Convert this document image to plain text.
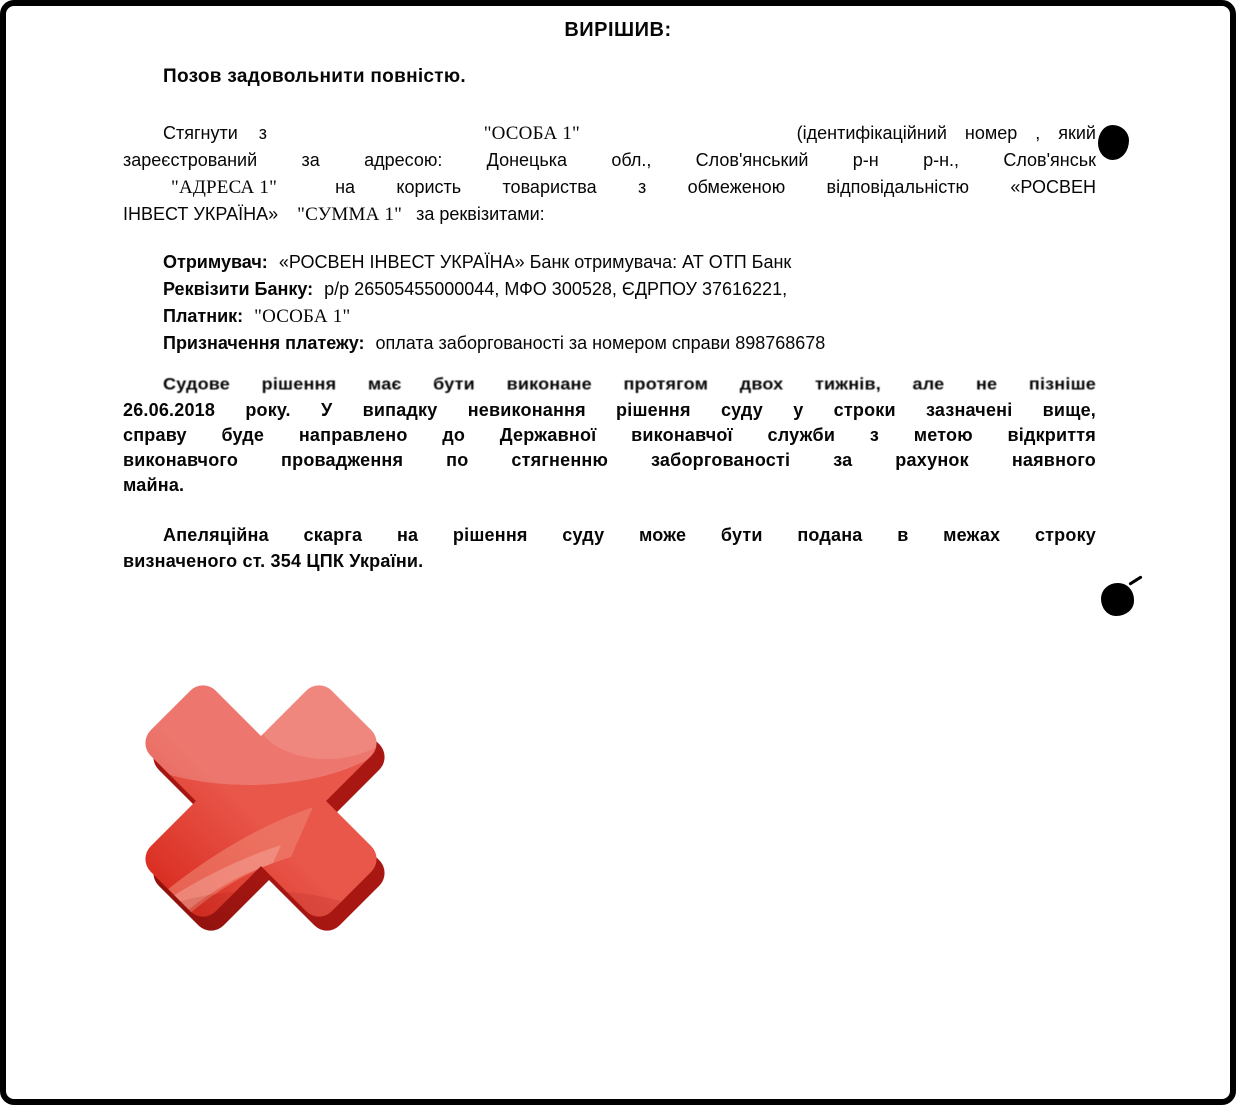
ВИРІШИВ:
Позов задовольнити повністю.
Стягнути з	"ОСОБА 1"	(ідентифікаційний номер , який
зареєстрований за адресою: Донецька обл., Слов'янський р-н р-н., Слов'янськ
"АДРЕСА 1"	на користь товариства з обмеженою відповідальністю «РОСВЕН
ІНВЕСТ УКРАЇНА» "СУММА 1" за реквізитами:
Отримувач: «РОСВЕН ІНВЕСТ УКРАЇНА» Банк отримувача: АТ ОТП Банк
Реквізити Банку: р/р 26505455000044, МФО 300528, ЄДРПОУ 37616221,
Платник: "ОСОБА 1"
Призначення платежу: оплата заборгованості за номером справи 898768678
Судове рішення має бути виконане протягом двох тижнів, але не пізніше
26.06.2018 року. У випадку невиконання рішення суду у строки зазначені вище,
справу буде направлено до Державної виконавчої служби з метою відкриття
виконавчого провадження по стягненню заборгованості за рахунок наявного
майна.
Апеляційна скарга на рішення суду може бути подана в межах строку
визначеного ст. 354 ЦПК України.
